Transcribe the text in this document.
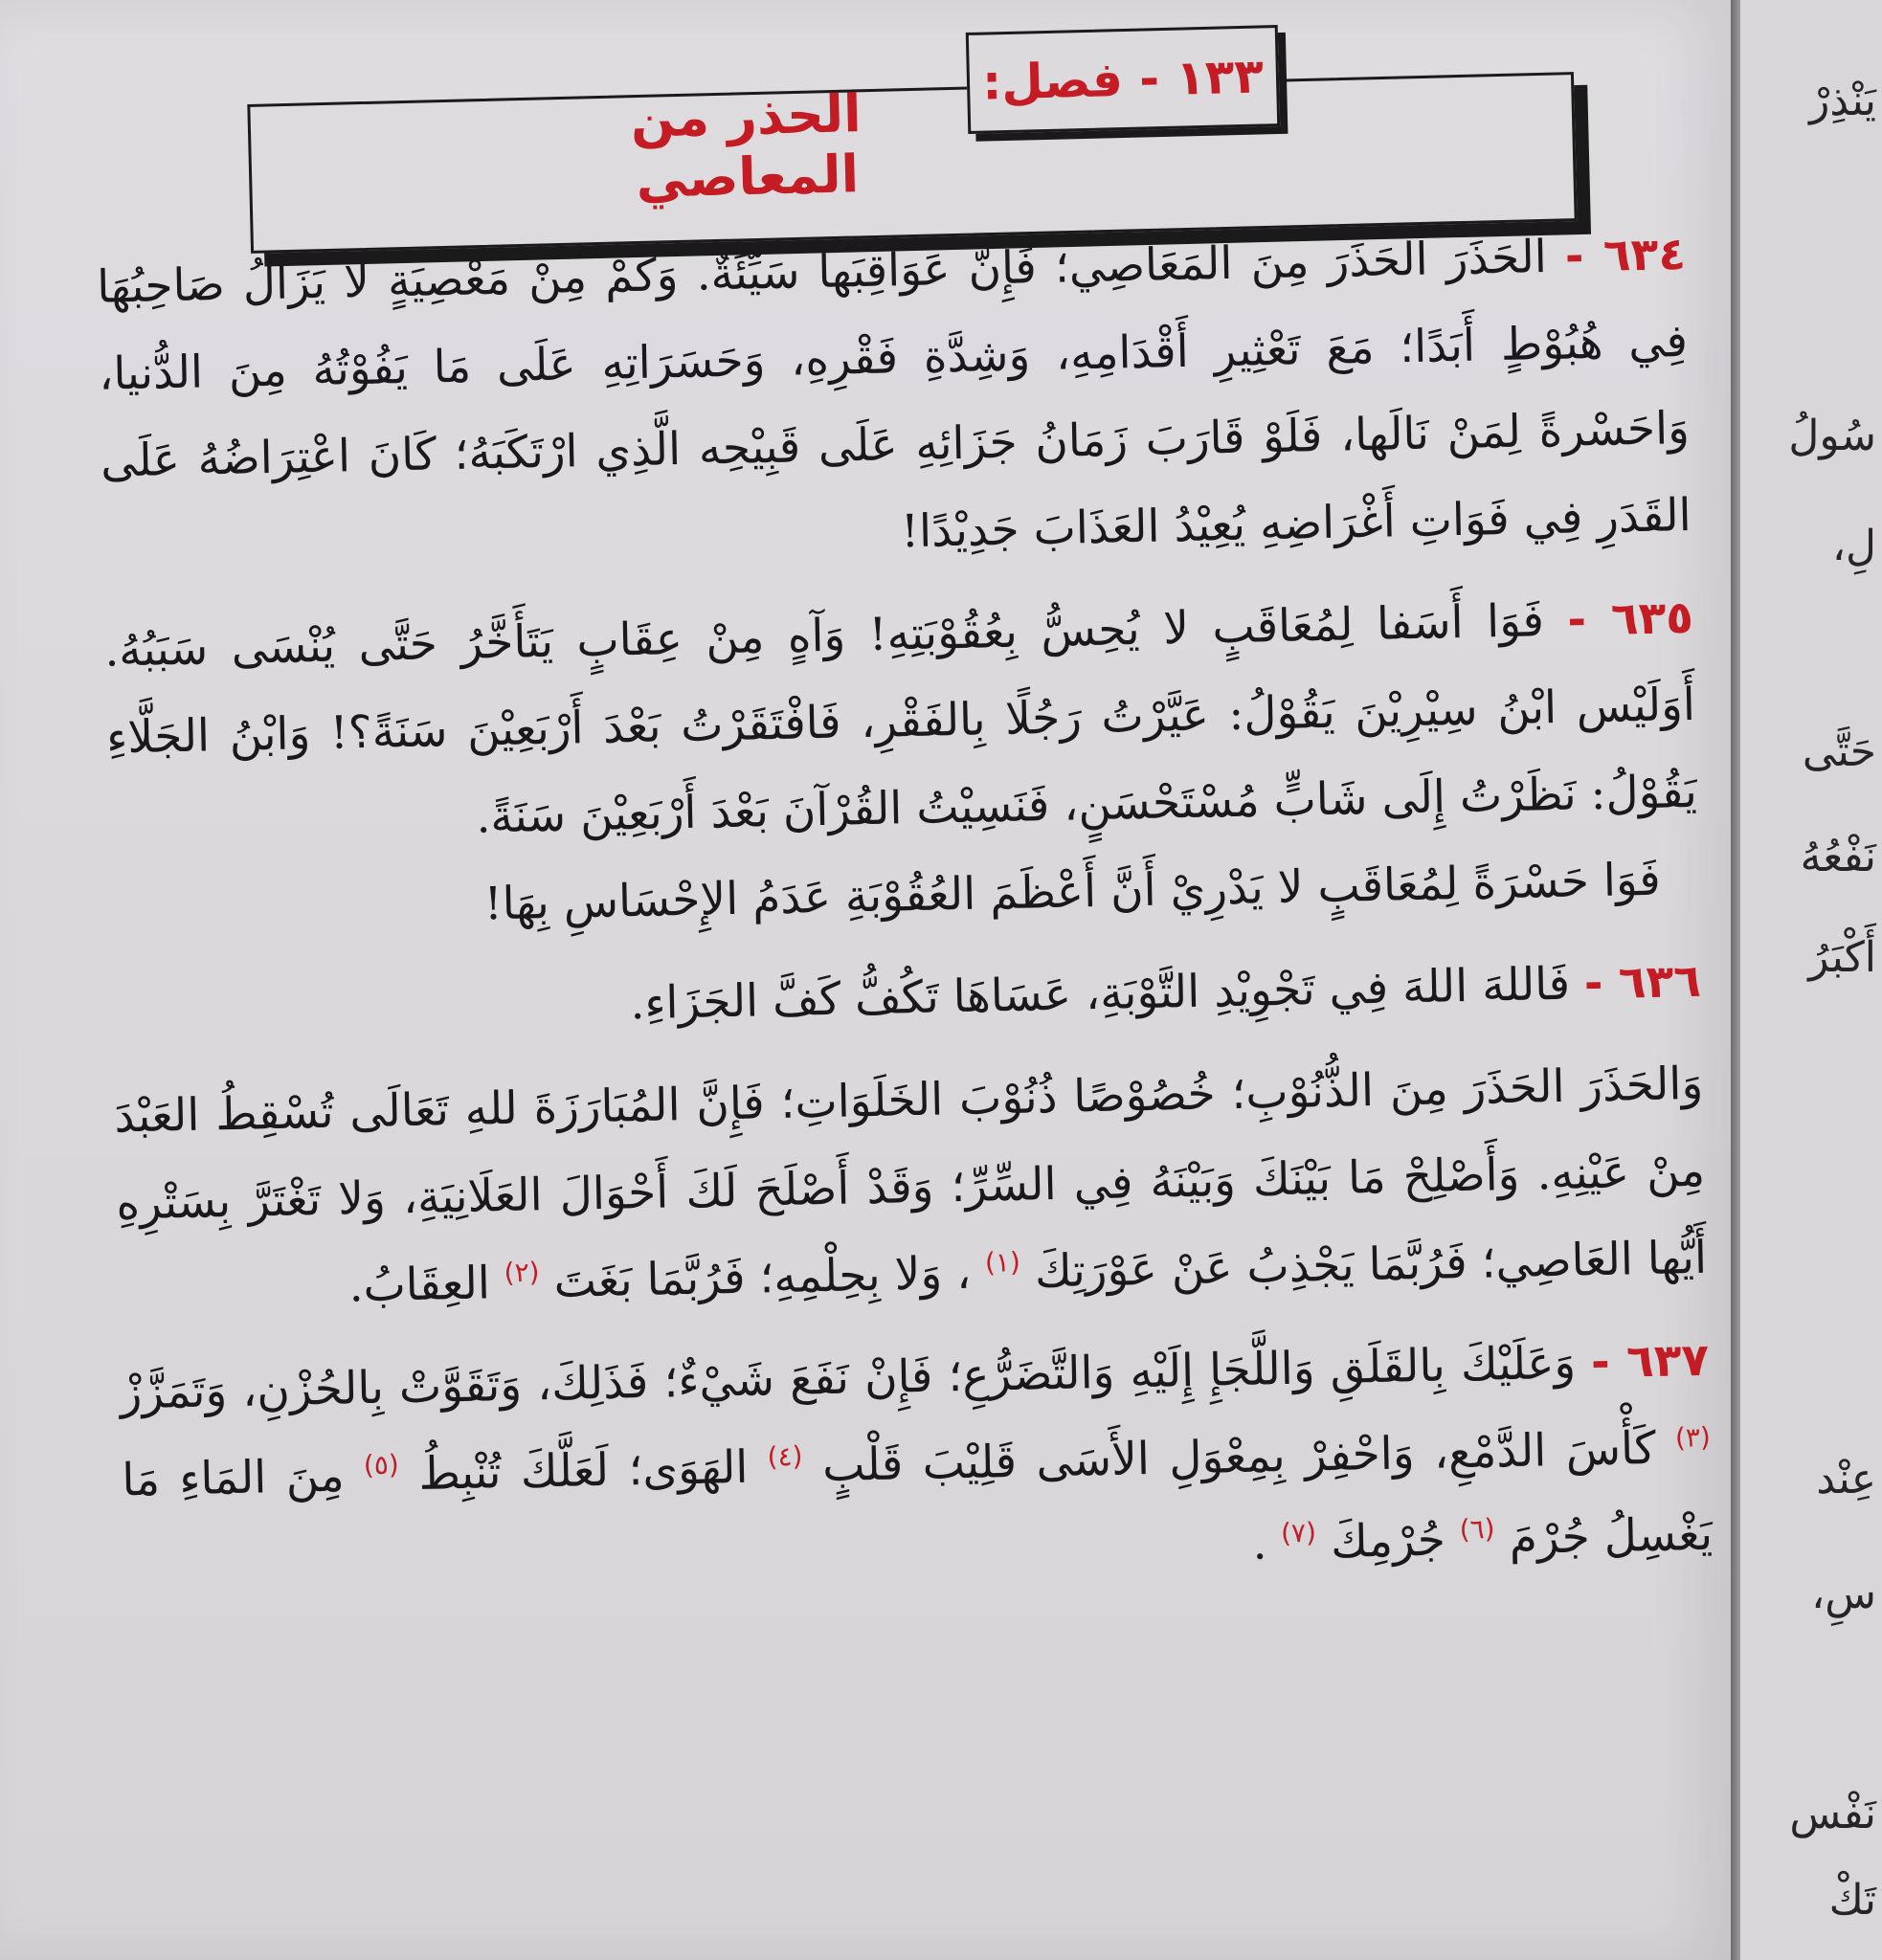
١٣٣ - فصل:
الحذر من المعاصي

٦٣٤ - الحَذَرَ الحَذَرَ مِنَ المَعَاصِي؛ فَإِنَّ عَوَاقِبَها سَيِّئَةٌ. وَكَمْ مِنْ مَعْصِيَةٍ لا يَزَالُ صَاحِبُهَا فِي هُبُوْطٍ أَبَدًا؛ مَعَ تَعْثِيرِ أَقْدَامِهِ، وَشِدَّةِ فَقْرِهِ، وَحَسَرَاتِهِ عَلَى مَا يَفُوْتُهُ مِنَ الدُّنيا، وَاحَسْرةً لِمَنْ نَالَها، فَلَوْ قَارَبَ زَمَانُ جَزَائِهِ عَلَى قَبِيْحِه الَّذِي ارْتَكَبَهُ؛ كَانَ اعْتِرَاضُهُ عَلَى القَدَرِ فِي فَوَاتِ أَغْرَاضِهِ يُعِيْدُ العَذَابَ جَدِيْدًا!

٦٣٥ - فَوَا أَسَفا لِمُعَاقَبٍ لا يُحِسُّ بِعُقُوْبَتِهِ! وَآهٍ مِنْ عِقَابٍ يَتَأَخَّرُ حَتَّى يُنْسَى سَبَبُهُ. أَوَلَيْس ابْنُ سِيْرِيْنَ يَقُوْلُ: عَيَّرْتُ رَجُلًا بِالفَقْرِ، فَافْتَقَرْتُ بَعْدَ أَرْبَعِيْنَ سَنَةً؟! وَابْنُ الجَلَّاءِ يَقُوْلُ: نَظَرْتُ إِلَى شَابٍّ مُسْتَحْسَنٍ، فَنَسِيْتُ القُرْآنَ بَعْدَ أَرْبَعِيْنَ سَنَةً.

فَوَا حَسْرَةً لِمُعَاقَبٍ لا يَدْرِيْ أَنَّ أَعْظَمَ العُقُوْبَةِ عَدَمُ الإِحْسَاسِ بِهَا!

٦٣٦ - فَاللهَ اللهَ فِي تَجْوِيْدِ التَّوْبَةِ، عَسَاهَا تَكُفُّ كَفَّ الجَزَاءِ.

وَالحَذَرَ الحَذَرَ مِنَ الذُّنُوْبِ؛ خُصُوْصًا ذُنُوْبَ الخَلَوَاتِ؛ فَإِنَّ المُبَارَزَةَ للهِ تَعَالَى تُسْقِطُ العَبْدَ مِنْ عَيْنِهِ. وَأَصْلِحْ مَا بَيْنَكَ وَبَيْنَهُ فِي السِّرِّ؛ وَقَدْ أَصْلَحَ لَكَ أَحْوَالَ العَلَانِيَةِ، وَلا تَغْتَرَّ بِسَتْرِهِ أَيُّها العَاصِي؛ فَرُبَّمَا يَجْذِبُ عَنْ عَوْرَتِكَ $^{(١)}$ ، وَلا بِحِلْمِهِ؛ فَرُبَّمَا بَغَتَ $^{(٢)}$ العِقَابُ.

٦٣٧ - وَعَلَيْكَ بِالقَلَقِ وَاللَّجَإِ إِلَيْهِ وَالتَّضَرُّعِ؛ فَإِنْ نَفَعَ شَيْءٌ؛ فَذَلِكَ، وَتَقَوَّتْ بِالحُزْنِ، وَتَمَزَّزْ $^{(٣)}$ كَأْسَ الدَّمْعِ، وَاحْفِرْ بِمِعْوَلِ الأَسَى قَلِيْبَ قَلْبٍ $^{(٤)}$ الهَوَى؛ لَعَلَّكَ تُنْبِطُ $^{(٥)}$ مِنَ المَاءِ مَا يَغْسِلُ جُرْمَ $^{(٦)}$ جُرْمِكَ $^{(٧)}$ .

يَنْذِرْ
سُولُ
لِ،
حَتَّى
نَفْعُهُ
أَكْبَرُ
عِنْد
سِ،
نَفْس
تَكْ
